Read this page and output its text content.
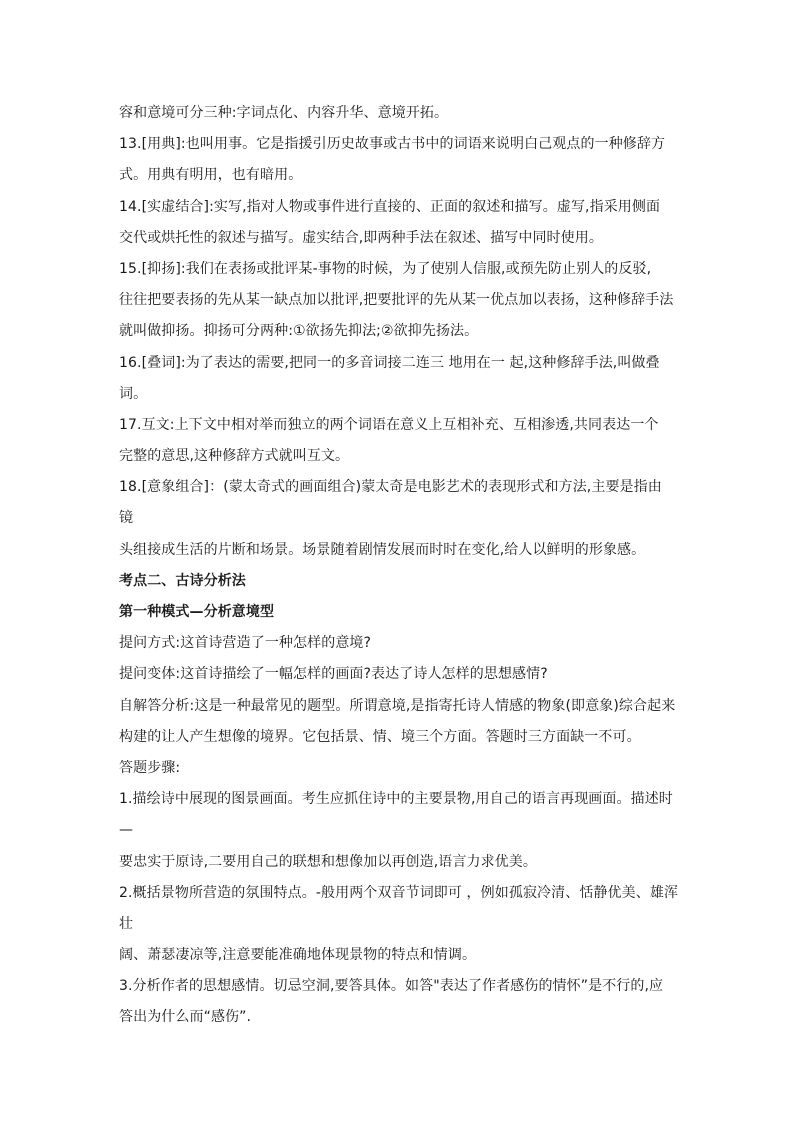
容和意境可分三种:字词点化、内容升华、意境开拓。
13.[用典]:也叫用事。它是指援引历史故事或古书中的词语来说明白己观点的一种修辞方
式。用典有明用，也有暗用。
14.[实虚结合]:实写,指对人物或事件进行直接的、正面的叙述和描写。虚写,指采用侧面
交代或烘托性的叙述与描写。虚实结合,即两种手法在叙述、描写中同时使用。
15.[抑扬]:我们在表扬或批评某-事物的时候，为了使别人信服,或预先防止别人的反驳,
往往把要表扬的先从某一缺点加以批评,把要批评的先从某一优点加以表扬，这种修辞手法
就叫做抑扬。抑扬可分两种:①欲扬先抑法;②欲抑先扬法。
16.[叠词]:为了表达的需要,把同一的多音词接二连三 地用在一 起,这种修辞手法,叫做叠
词。
17.互文:上下文中相对举而独立的两个词语在意义上互相补充、互相渗透,共同表达一个
完整的意思,这种修辞方式就叫互文。
18.[意象组合]：(蒙太奇式的画面组合)蒙太奇是电影艺术的表现形式和方法,主要是指由
镜
头组接成生活的片断和场景。场景随着剧情发展而时时在变化,给人以鲜明的形象感。
考点二、古诗分析法
第一种模式—分析意境型
提问方式:这首诗营造了一种怎样的意境?
提问变体:这首诗描绘了一幅怎样的画面?表达了诗人怎样的思想感情?
自解答分析:这是一种最常见的题型。所谓意境,是指寄托诗人情感的物象(即意象)综合起来
构建的让人产生想像的境界。它包括景、情、境三个方面。答题时三方面缺一不可。
答题步骤:
1.描绘诗中展现的图景画面。考生应抓住诗中的主要景物,用自己的语言再现画面。描述时
—
要忠实于原诗,二要用自己的联想和想像加以再创造,语言力求优美。
2.概括景物所营造的氛围特点。-般用两个双音节词即可 ，例如孤寂冷清、恬静优美、雄浑
壮
阔、萧瑟凄凉等,注意要能准确地体现景物的特点和情调。
3.分析作者的思想感情。切忌空洞,要答具体。如答"表达了作者感伤的情怀”是不行的,应
答出为什么而“感伤”.
